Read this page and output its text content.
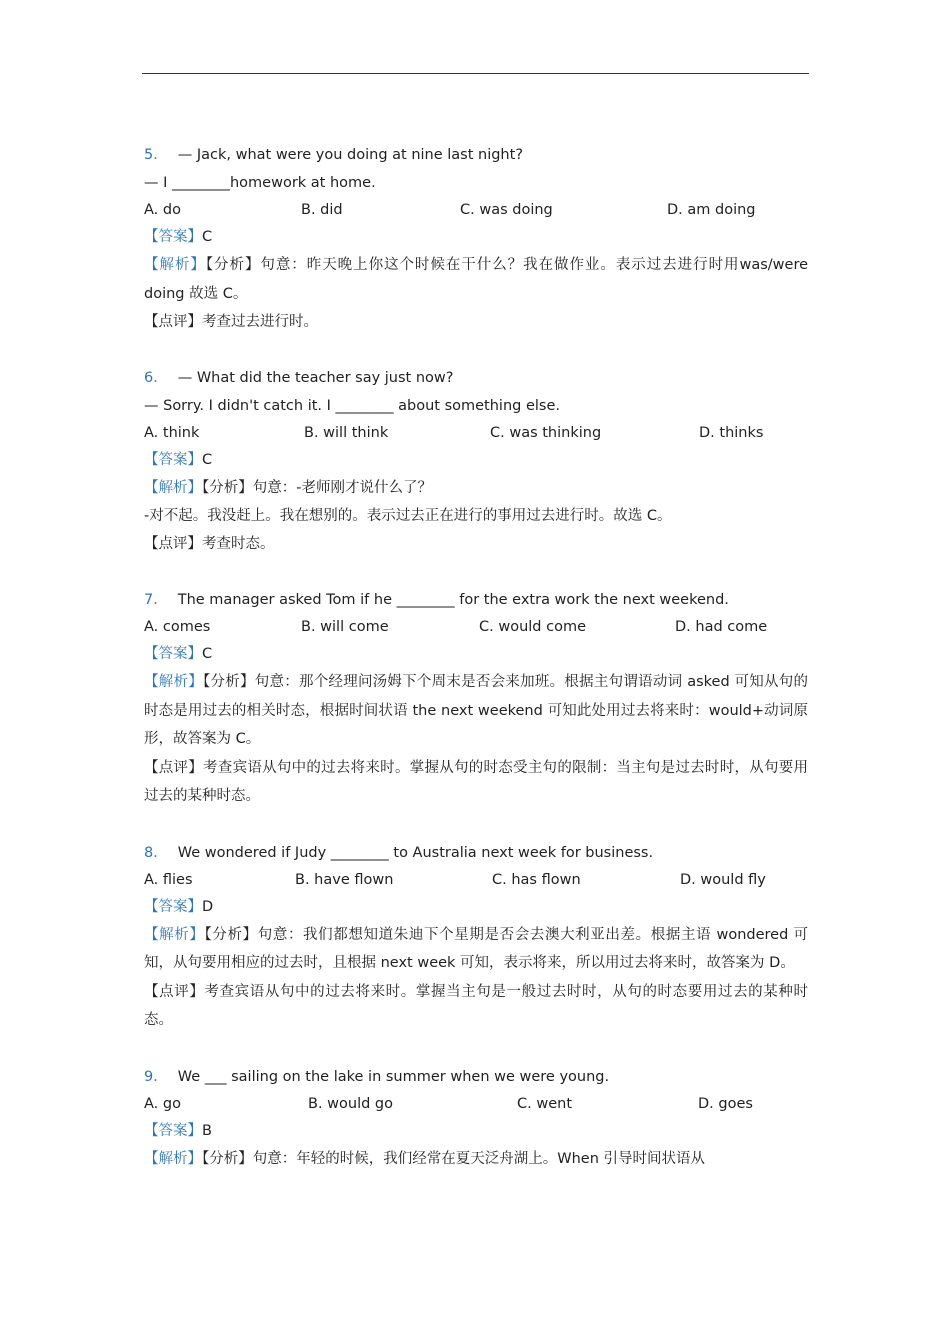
5． — Jack, what were you doing at nine last night?
— I ________homework at home.
A. do	B. did	C. was doing	D. am doing
【答案】C
【解析】【分析】句意：昨天晚上你这个时候在干什么？我在做作业。表示过去进行时用was/were doing 故选 C。
【点评】考查过去进行时。
6． — What did the teacher say just now?
— Sorry. I didn't catch it. I ________ about something else.
A. think	B. will think	C. was thinking	D. thinks
【答案】C
【解析】【分析】句意：-老师刚才说什么了？
-对不起。我没赶上。我在想别的。表示过去正在进行的事用过去进行时。故选 C。
【点评】考查时态。
7． The manager asked Tom if he ________ for the extra work the next weekend.
A. comes	B. will come	C. would come	D. had come
【答案】C
【解析】【分析】句意：那个经理问汤姆下个周末是否会来加班。根据主句谓语动词 asked 可知从句的时态是用过去的相关时态，根据时间状语 the next weekend 可知此处用过去将来时：would+动词原形，故答案为 C。
【点评】考查宾语从句中的过去将来时。掌握从句的时态受主句的限制：当主句是过去时时，从句要用过去的某种时态。
8． We wondered if Judy ________ to Australia next week for business.
A. flies	B. have flown	C. has flown	D. would fly
【答案】D
【解析】【分析】句意：我们都想知道朱迪下个星期是否会去澳大利亚出差。根据主语 wondered 可知，从句要用相应的过去时，且根据 next week 可知，表示将来，所以用过去将来时，故答案为 D。
【点评】考查宾语从句中的过去将来时。掌握当主句是一般过去时时，从句的时态要用过去的某种时态。
9． We ___ sailing on the lake in summer when we were young.
A. go	B. would go	C. went	D. goes
【答案】B
【解析】【分析】句意：年轻的时候，我们经常在夏天泛舟湖上。When 引导时间状语从
